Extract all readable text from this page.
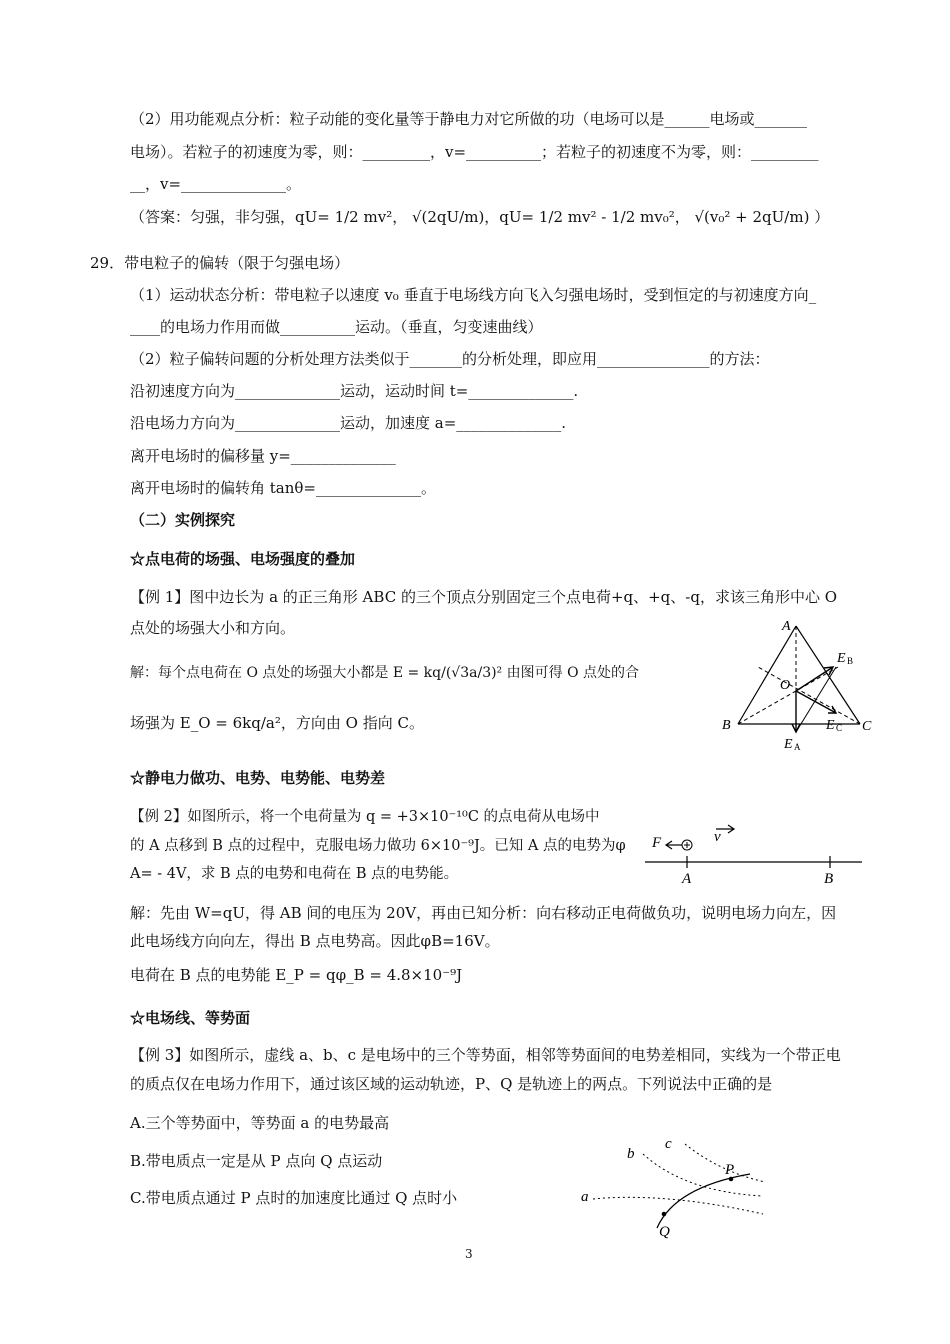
（2）用功能观点分析：粒子动能的变化量等于静电力对它所做的功（电场可以是______电场或_______
电场）。若粒子的初速度为零，则：_________，v=__________；若粒子的初速度不为零，则：_________
__，v=______________。
（答案：匀强，非匀强，qU= 1/2 mv²， √(2qU/m)，qU= 1/2 mv² - 1/2 mv₀²， √(v₀² + 2qU/m) ）
29．带电粒子的偏转（限于匀强电场）
（1）运动状态分析：带电粒子以速度 v₀ 垂直于电场线方向飞入匀强电场时，受到恒定的与初速度方向_
____的电场力作用而做__________运动。（垂直，匀变速曲线）
（2）粒子偏转问题的分析处理方法类似于_______的分析处理，即应用_______________的方法：
沿初速度方向为______________运动，运动时间 t=______________.
沿电场力方向为______________运动，加速度 a=______________.
离开电场时的偏移量 y=______________
离开电场时的偏转角 tanθ=______________。
（二）实例探究
☆点电荷的场强、电场强度的叠加
【例 1】图中边长为 a 的正三角形 ABC 的三个顶点分别固定三个点电荷+q、+q、-q，求该三角形中心 O
点处的场强大小和方向。
解：每个点电荷在 O 点处的场强大小都是 E = kq/(√3a/3)² 由图可得 O 点处的合
场强为 E_O = 6kq/a²，方向由 O 指向 C。
☆静电力做功、电势、电势能、电势差
【例 2】如图所示，将一个电荷量为 q = +3×10⁻¹⁰C 的点电荷从电场中
的 A 点移到 B 点的过程中，克服电场力做功 6×10⁻⁹J。已知 A 点的电势为φ
A= - 4V，求 B 点的电势和电荷在 B 点的电势能。
解：先由 W=qU，得 AB 间的电压为 20V，再由已知分析：向右移动正电荷做负功，说明电场力向左，因
此电场线方向向左，得出 B 点电势高。因此φB=16V。
电荷在 B 点的电势能 E_P = qφ_B = 4.8×10⁻⁹J
☆电场线、等势面
【例 3】如图所示，虚线 a、b、c 是电场中的三个等势面，相邻等势面间的电势差相同，实线为一个带正电
的质点仅在电场力作用下，通过该区域的运动轨迹，P、Q 是轨迹上的两点。下列说法中正确的是
A.三个等势面中，等势面 a 的电势最高
B.带电质点一定是从 P 点向 Q 点运动
C.带电质点通过 P 点时的加速度比通过 Q 点时小
A
B	C
O
E B
E A
E C
F	v
A	B
a
b
c
P
Q
3
